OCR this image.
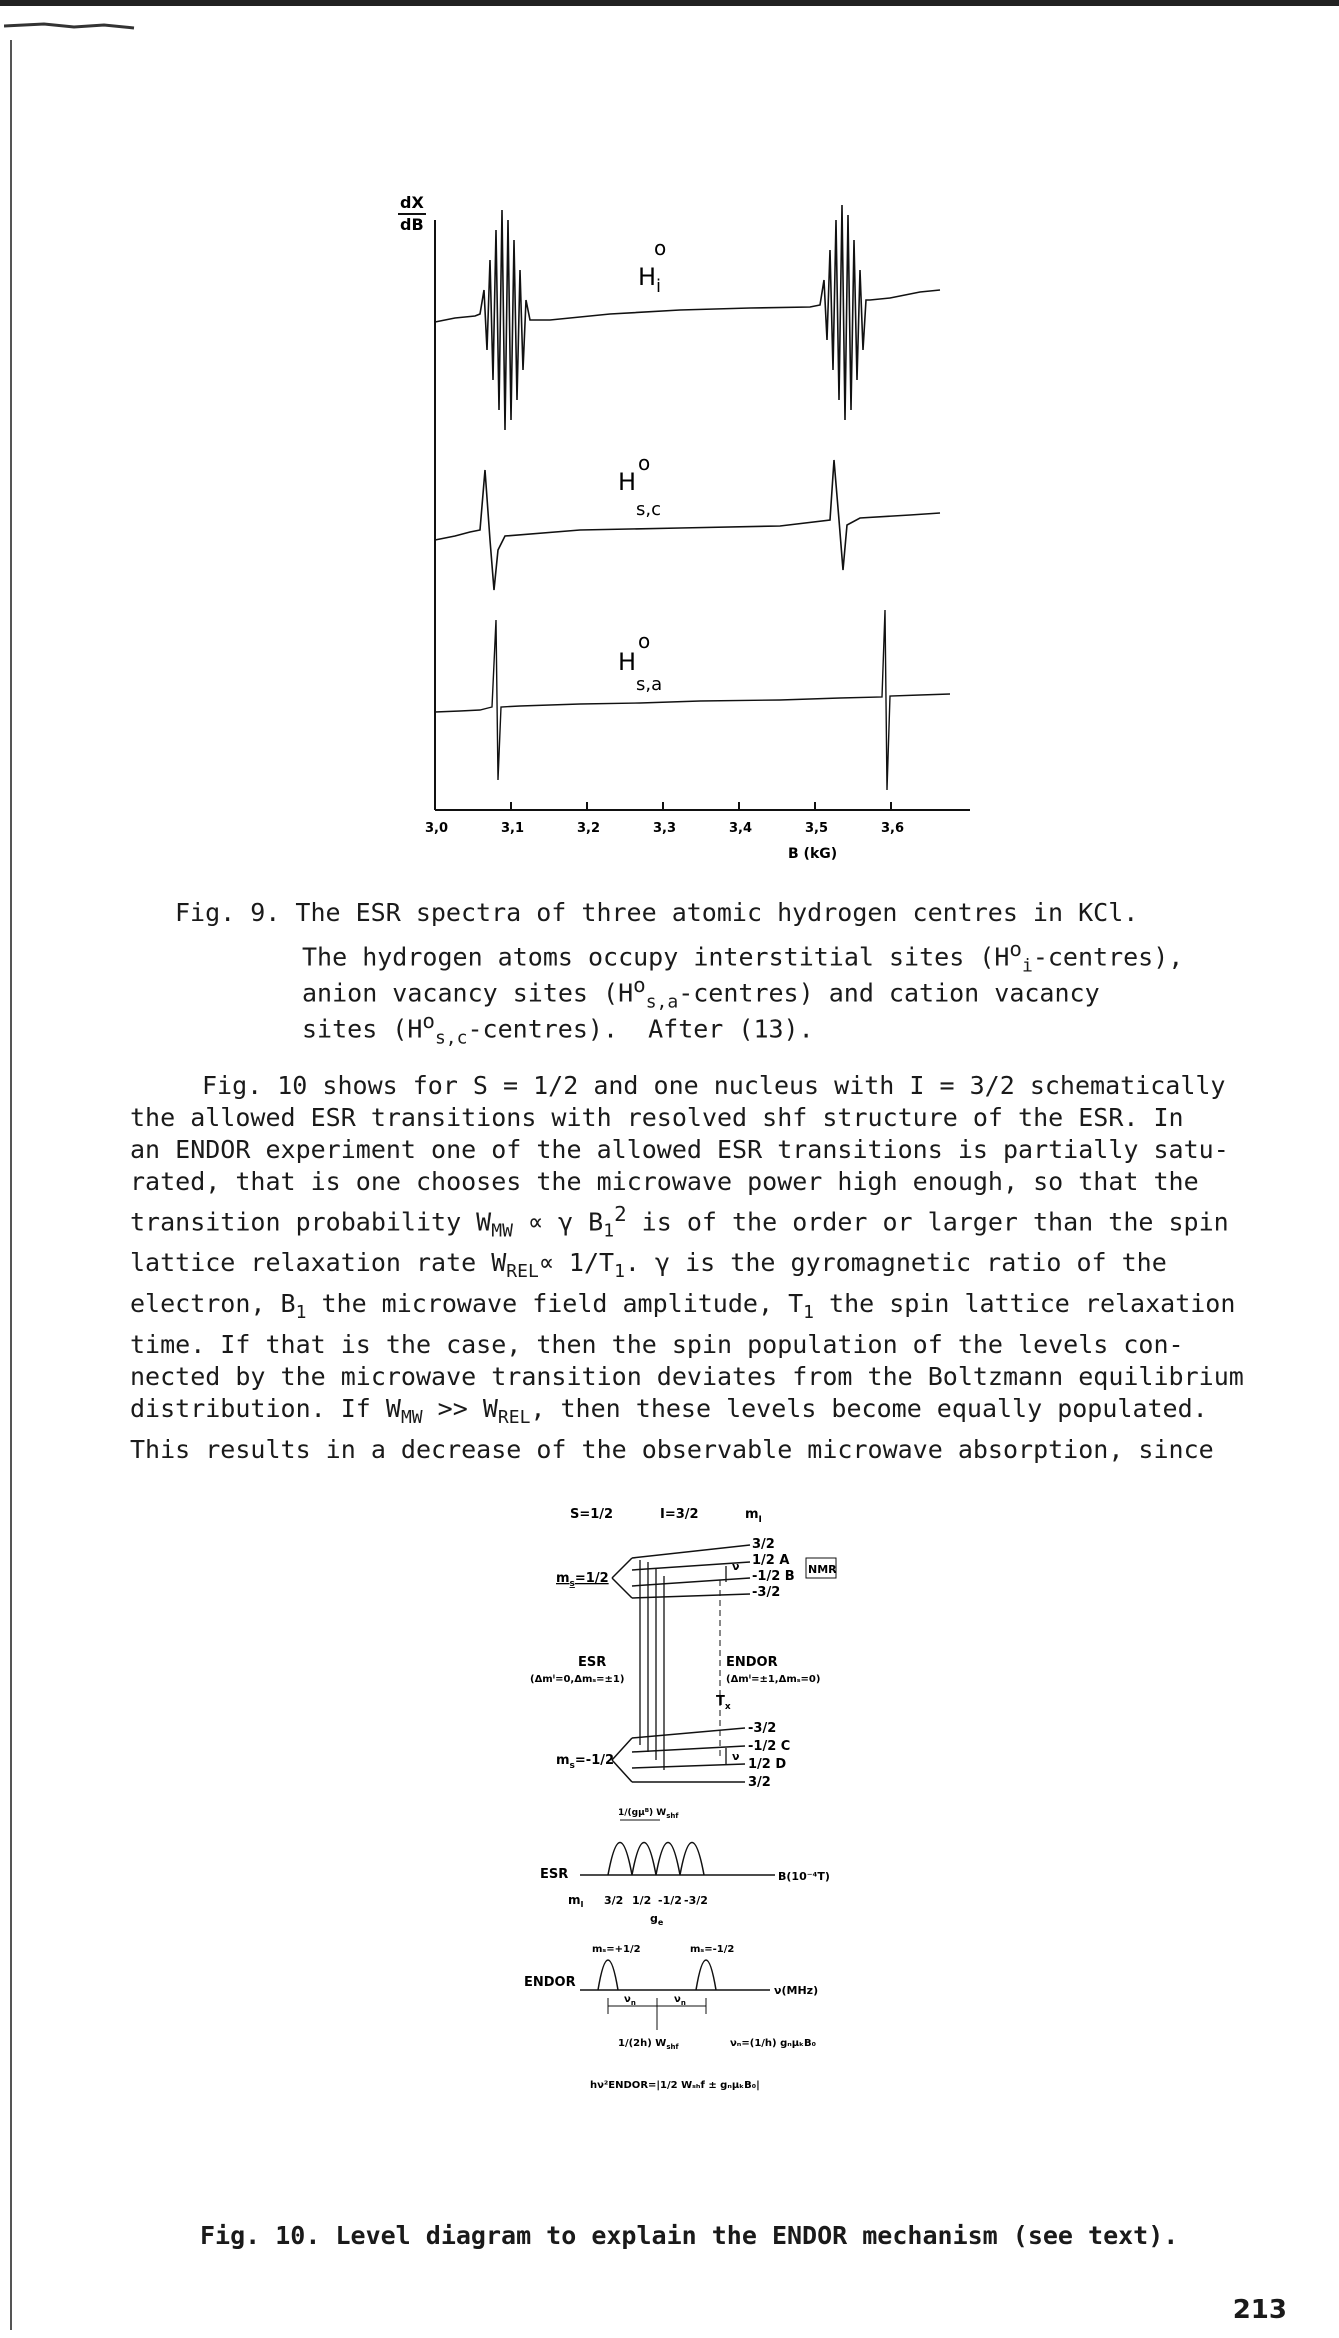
dX
dB
3,0	3,1	3,2	3,3	3,4	3,5	3,6
B (kG)
H
o
i
H
o
s,c
H
o
s,a
Fig. 9. The ESR spectra of three atomic hydrogen centres in KCl.
The hydrogen atoms occupy interstitial sites $(H^o_i-centres)$,
anion vacancy sites $(H^o_{s,a}-centres)$ and cation vacancy
sites $(H^o_{s,c}-centres)$.  After (13).

Fig. 10 shows for S = 1/2 and one nucleus with I = 3/2 schematically

the allowed ESR transitions with resolved shf structure of the ESR. In
an ENDOR experiment one of the allowed ESR transitions is partially satu-
rated, that is one chooses the microwave power high enough, so that the
transition probability $W_{MW} \propto \gamma$ $B_1^2$ is of the order or larger than the spin
lattice relaxation rate $W_{REL}\propto 1/T_1$. γ is the gyromagnetic ratio of the
electron, $B_1$ the microwave field amplitude, $T_1$ the spin lattice relaxation
time. If that is the case, then the spin population of the levels con-
nected by the microwave transition deviates from the Boltzmann equilibrium
distribution. If $W_{MW} >> W_{REL}$, then these levels become equally populated.
This results in a decrease of the observable microwave absorption, since
S=1/2	I=3/2	$m_I$
$m_s=1/2$
3/2
1/2 A
-1/2 B
-3/2
NMR
ν
ESR
(Δmᴵ=0,Δmₛ=±1)
ENDOR
(Δmᴵ=±1,Δmₛ=0)
$T_x$
$m_s=-1/2$
-3/2
-1/2 C
1/2 D
3/2
ν
1/(gμᴮ) $W_{shf}$
ESR	B(10⁻⁴T)
$m_I$ 3/2 1/2 -1/2 -3/2
$g_e$
mₛ=+1/2	mₛ=-1/2
ENDOR
ν(MHz)
$\nu_n$	$\nu_n$
1/(2h) $W_{shf}$	νₙ=(1/h) gₙμₖB₀
hν²ENDOR=|1/2 Wₛₕf ± gₙμₖB₀|
Fig. 10. Level diagram to explain the ENDOR mechanism (see text).
213
